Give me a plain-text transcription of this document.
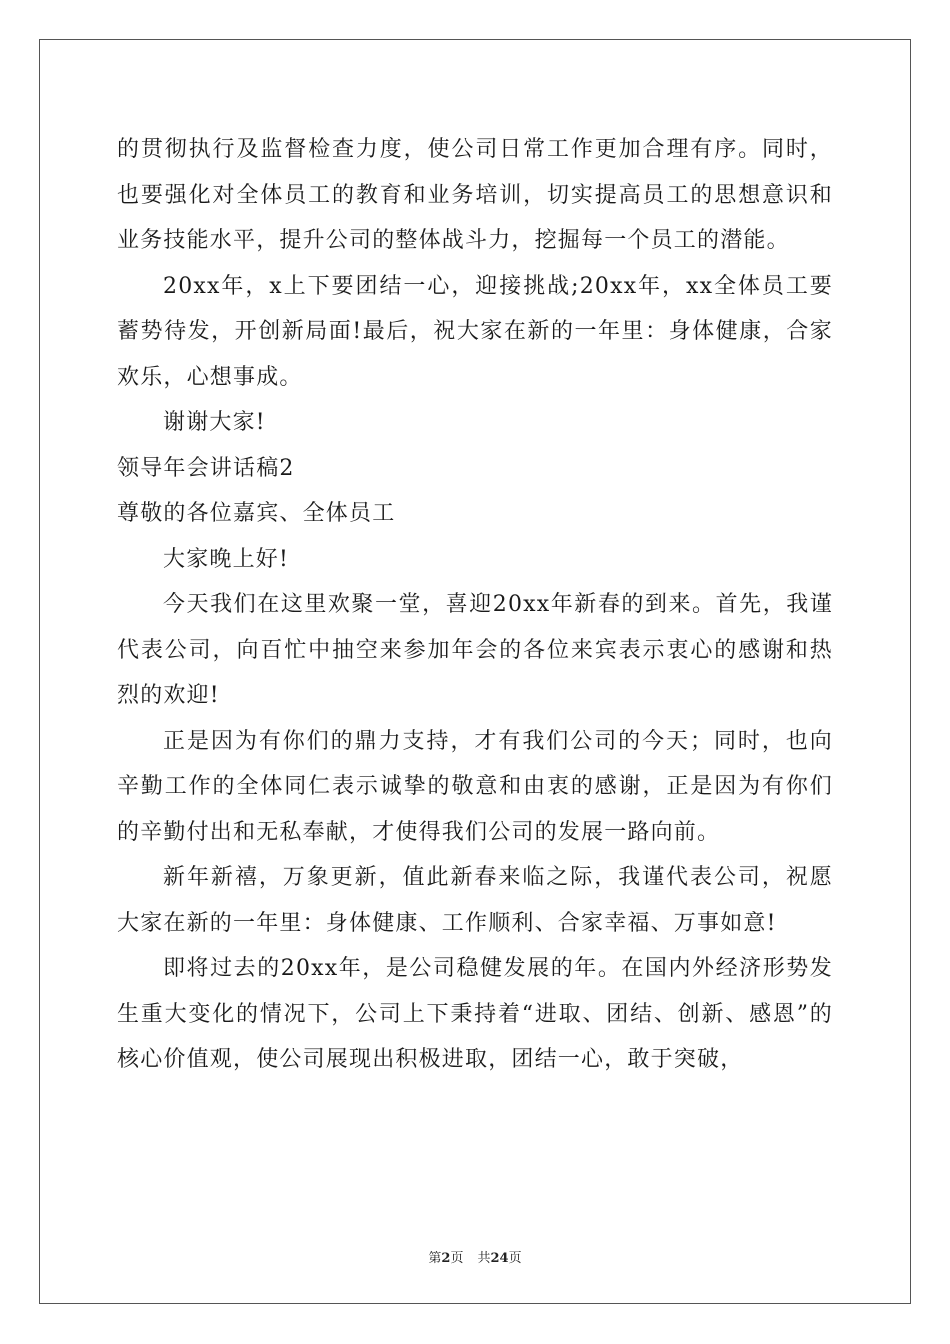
的贯彻执行及监督检查力度，使公司日常工作更加合理有序。同时，也要强化对全体员工的教育和业务培训，切实提高员工的思想意识和业务技能水平，提升公司的整体战斗力，挖掘每一个员工的潜能。

20xx年，x上下要团结一心，迎接挑战;20xx年，xx全体员工要蓄势待发，开创新局面!最后，祝大家在新的一年里：身体健康，合家欢乐，心想事成。

谢谢大家!

领导年会讲话稿2

尊敬的各位嘉宾、全体员工

大家晚上好!

今天我们在这里欢聚一堂，喜迎20xx年新春的到来。首先，我谨代表公司，向百忙中抽空来参加年会的各位来宾表示衷心的感谢和热烈的欢迎!

正是因为有你们的鼎力支持，才有我们公司的今天；同时，也向辛勤工作的全体同仁表示诚挚的敬意和由衷的感谢，正是因为有你们的辛勤付出和无私奉献，才使得我们公司的发展一路向前。

新年新禧，万象更新，值此新春来临之际，我谨代表公司，祝愿大家在新的一年里：身体健康、工作顺利、合家幸福、万事如意!

即将过去的20xx年，是公司稳健发展的年。在国内外经济形势发生重大变化的情况下，公司上下秉持着“进取、团结、创新、感恩”的核心价值观，使公司展现出积极进取，团结一心，敢于突破，

第2页 共24页
